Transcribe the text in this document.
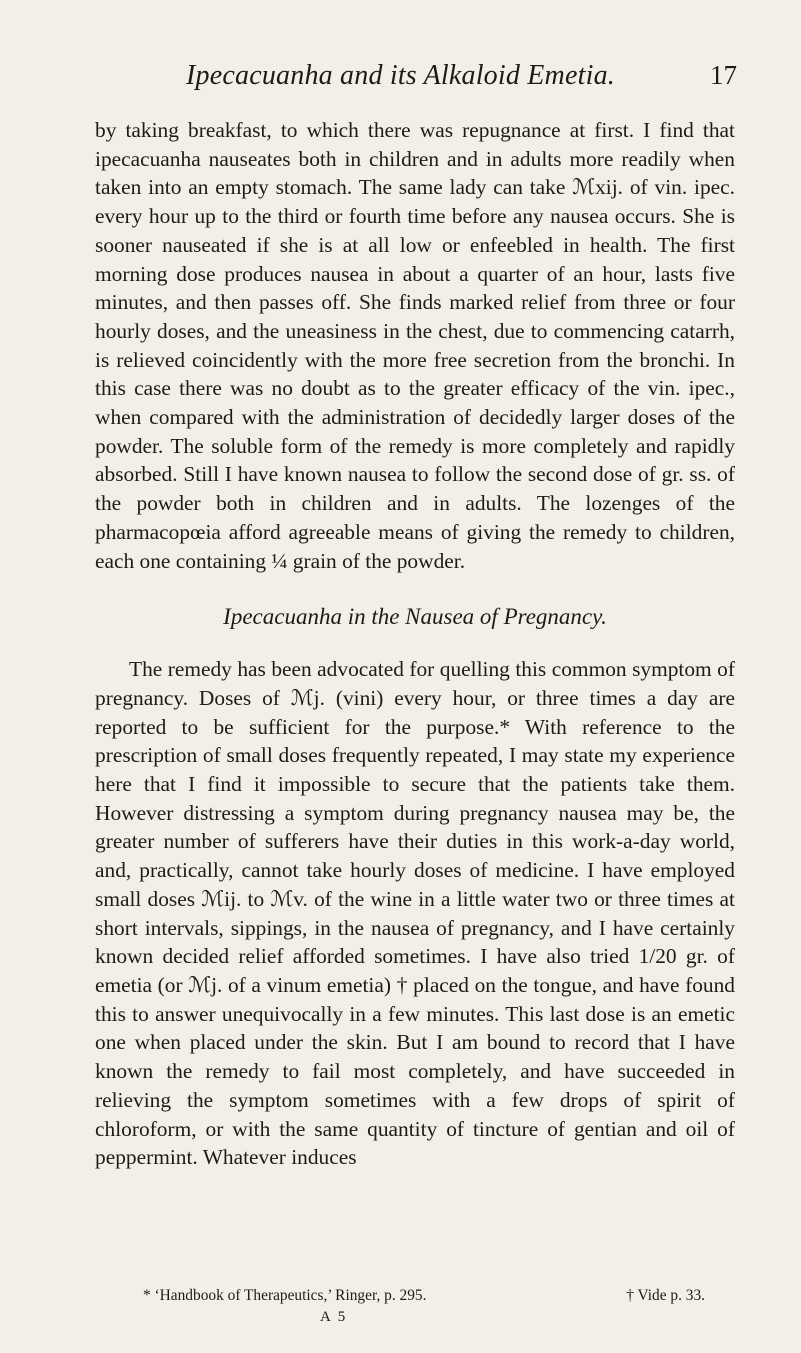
Ipecacuanha and its Alkaloid Emetia.	17

by taking breakfast, to which there was repugnance at first. I find that ipecacuanha nauseates both in children and in adults more readily when taken into an empty stomach. The same lady can take ℳxij. of vin. ipec. every hour up to the third or fourth time before any nausea occurs. She is sooner nauseated if she is at all low or enfeebled in health. The first morning dose produces nausea in about a quarter of an hour, lasts five minutes, and then passes off. She finds marked relief from three or four hourly doses, and the uneasiness in the chest, due to commencing catarrh, is relieved coincidently with the more free secretion from the bronchi. In this case there was no doubt as to the greater efficacy of the vin. ipec., when compared with the administration of decidedly larger doses of the powder. The soluble form of the remedy is more completely and rapidly absorbed. Still I have known nausea to follow the second dose of gr. ss. of the powder both in children and in adults. The lozenges of the pharmacopœia afford agreeable means of giving the remedy to children, each one containing ¼ grain of the powder.

Ipecacuanha in the Nausea of Pregnancy.

The remedy has been advocated for quelling this common symptom of pregnancy. Doses of ℳj. (vini) every hour, or three times a day are reported to be sufficient for the purpose.* With reference to the prescription of small doses frequently repeated, I may state my experience here that I find it impossible to secure that the patients take them. However distressing a symptom during pregnancy nausea may be, the greater number of sufferers have their duties in this work-a-day world, and, practically, cannot take hourly doses of medicine. I have employed small doses ℳij. to ℳv. of the wine in a little water two or three times at short intervals, sippings, in the nausea of pregnancy, and I have certainly known decided relief afforded sometimes. I have also tried 1/20 gr. of emetia (or ℳj. of a vinum emetia) † placed on the tongue, and have found this to answer unequivocally in a few minutes. This last dose is an emetic one when placed under the skin. But I am bound to record that I have known the remedy to fail most completely, and have succeeded in relieving the symptom sometimes with a few drops of spirit of chloroform, or with the same quantity of tincture of gentian and oil of peppermint. Whatever induces

* ‘Handbook of Therapeutics,’ Ringer, p. 295.	† Vide p. 33.
A 5
